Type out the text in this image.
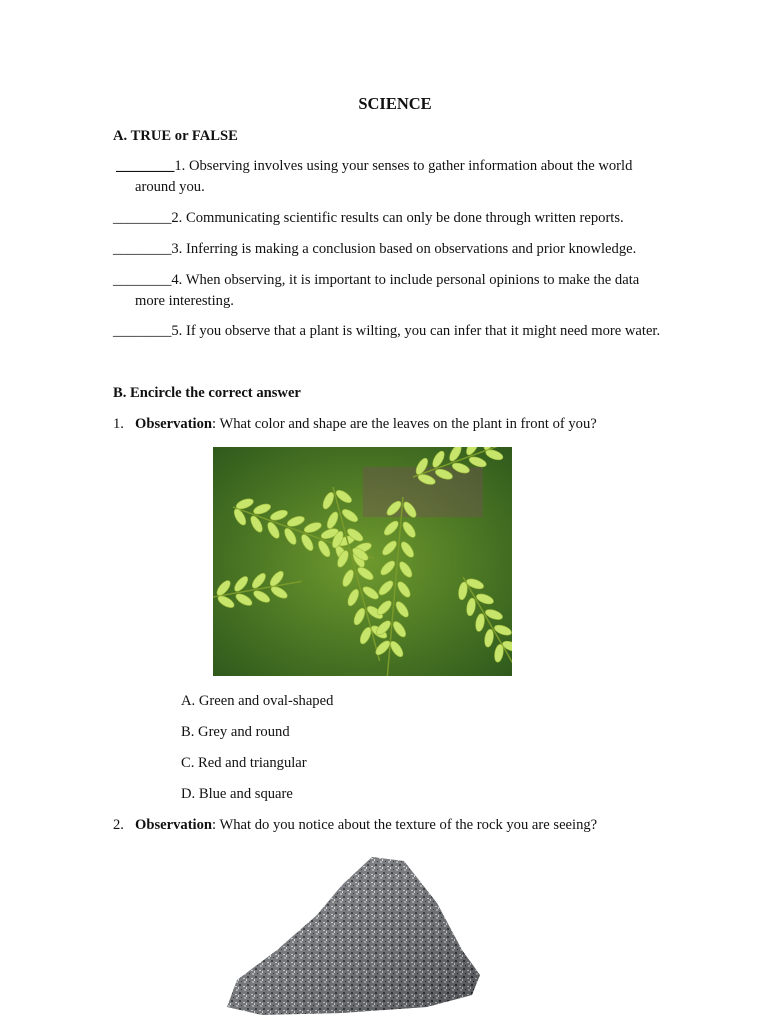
SCIENCE
A. TRUE or FALSE
________1. Observing involves using your senses to gather information about the world
around you.
________2. Communicating scientific results can only be done through written reports.
________3. Inferring is making a conclusion based on observations and prior knowledge.
________4. When observing, it is important to include personal opinions to make the data
more interesting.
________5. If you observe that a plant is wilting, you can infer that it might need more water.
B. Encircle the correct answer
1. Observation: What color and shape are the leaves on the plant in front of you?
A. Green and oval-shaped
B. Grey and round
C. Red and triangular
D. Blue and square
2. Observation: What do you notice about the texture of the rock you are seeing?
